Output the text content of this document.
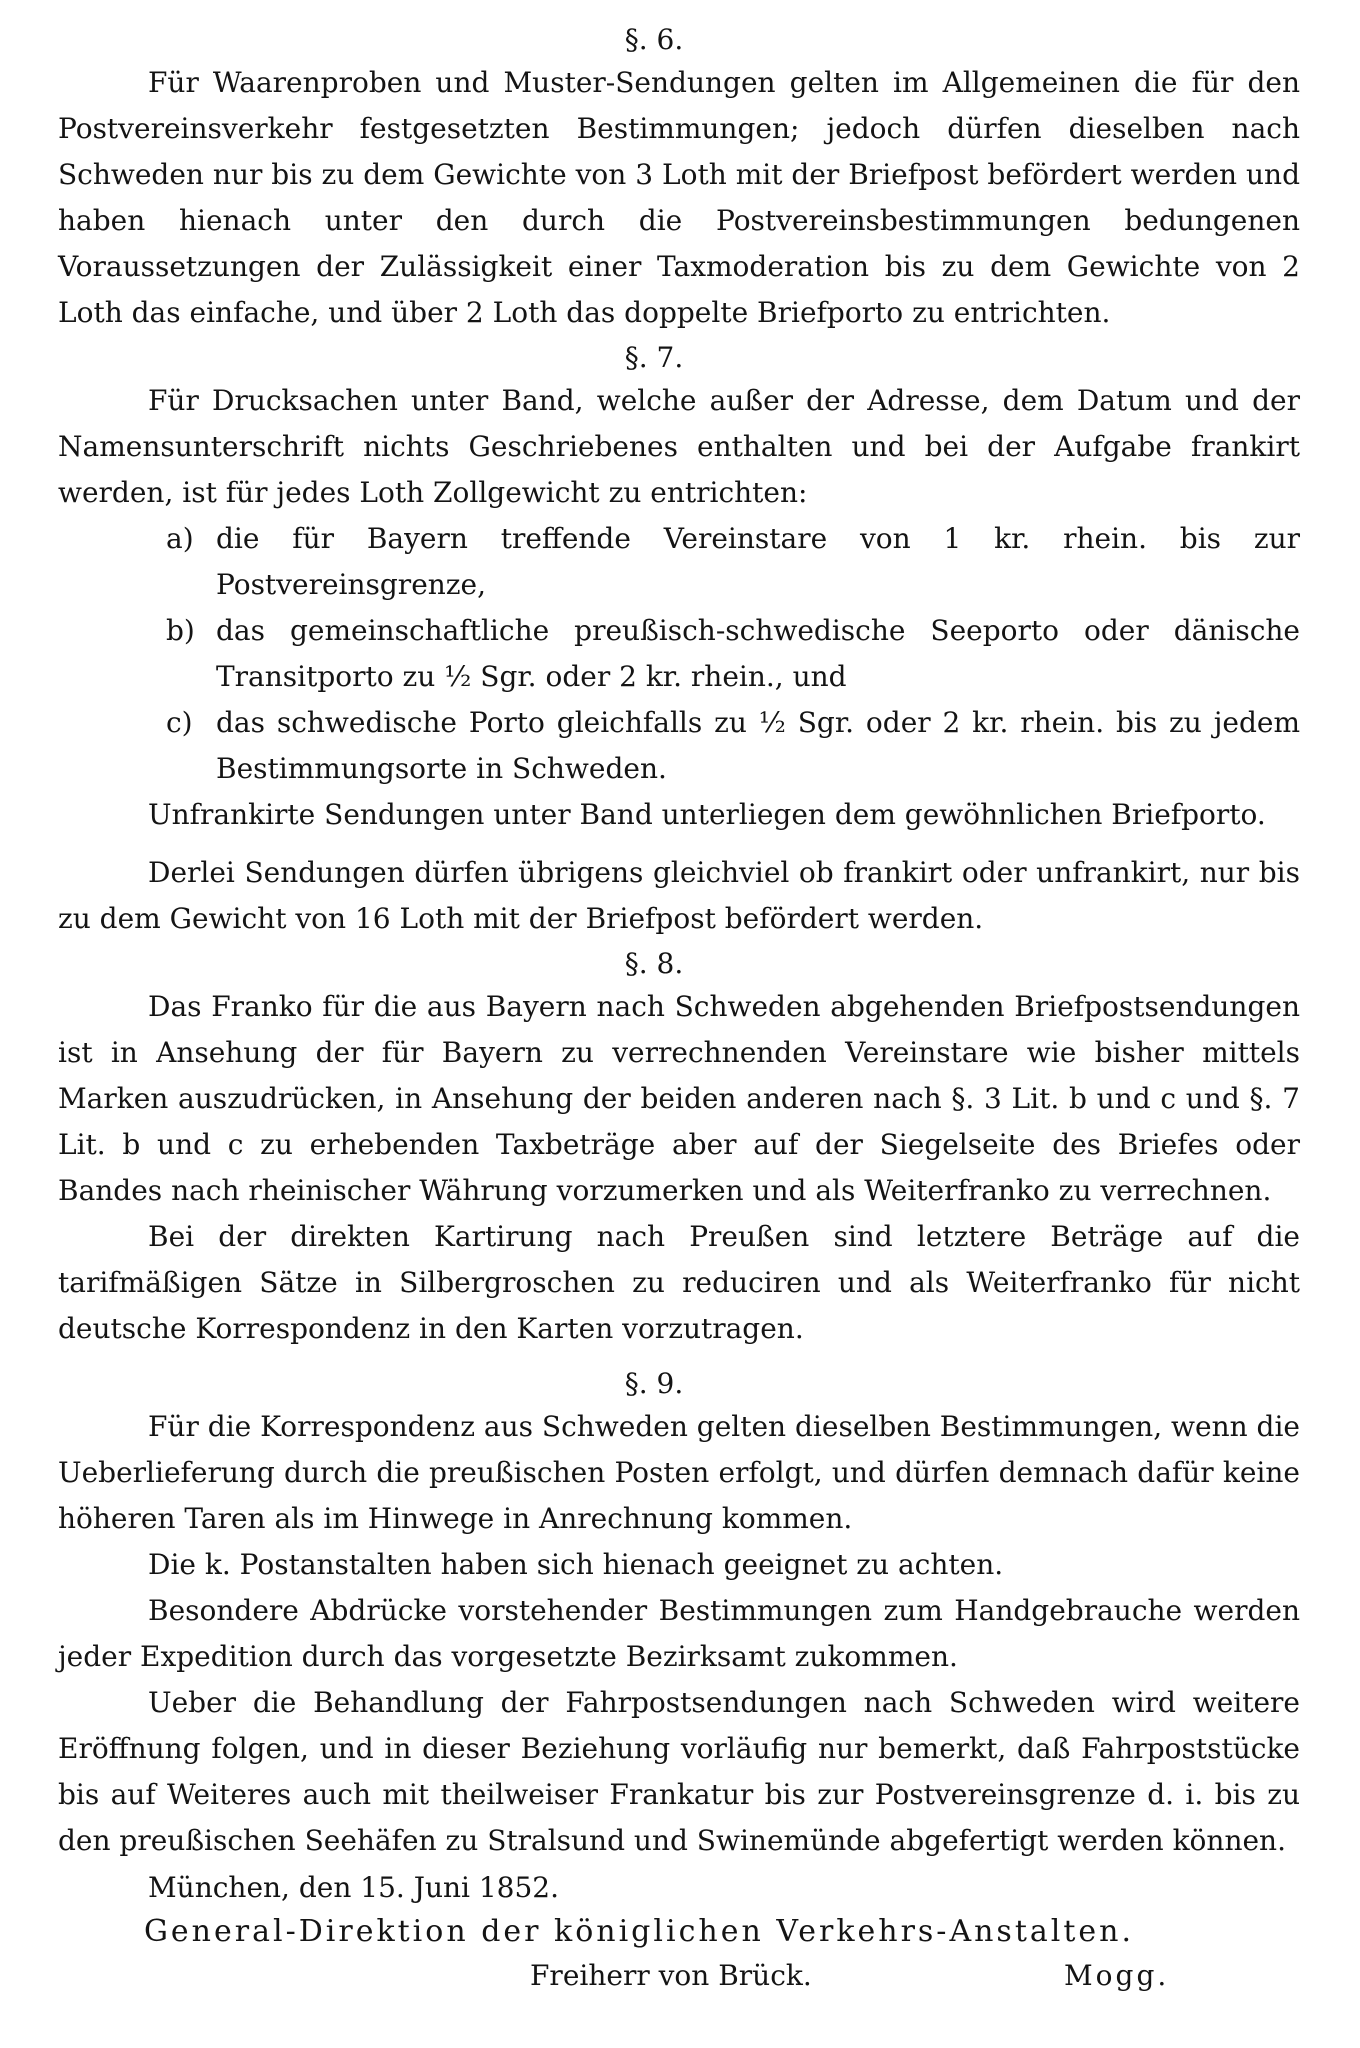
§. 6.

Für Waarenproben und Muster-Sendungen gelten im Allgemeinen die für den Postvereinsverkehr festgesetzten Bestimmungen; jedoch dürfen dieselben nach Schweden nur bis zu dem Gewichte von 3 Loth mit der Briefpost befördert werden und haben hienach unter den durch die Postvereinsbestimmungen bedungenen Voraussetzungen der Zulässigkeit einer Taxmoderation bis zu dem Gewichte von 2 Loth das einfache, und über 2 Loth das doppelte Briefporto zu entrichten.

§. 7.

Für Drucksachen unter Band, welche außer der Adresse, dem Datum und der Namensunterschrift nichts Geschriebenes enthalten und bei der Aufgabe frankirt werden, ist für jedes Loth Zollgewicht zu entrichten:

a) die für Bayern treffende Vereinstare von 1 kr. rhein. bis zur Postvereinsgrenze,
b) das gemeinschaftliche preußisch-schwedische Seeporto oder dänische Transitporto zu ½ Sgr. oder 2 kr. rhein., und
c) das schwedische Porto gleichfalls zu ½ Sgr. oder 2 kr. rhein. bis zu jedem Bestimmungsorte in Schweden.

Unfrankirte Sendungen unter Band unterliegen dem gewöhnlichen Briefporto.

Derlei Sendungen dürfen übrigens gleichviel ob frankirt oder unfrankirt, nur bis zu dem Gewicht von 16 Loth mit der Briefpost befördert werden.

§. 8.

Das Franko für die aus Bayern nach Schweden abgehenden Briefpostsendungen ist in Ansehung der für Bayern zu verrechnenden Vereinstare wie bisher mittels Marken auszudrücken, in Ansehung der beiden anderen nach §. 3 Lit. b und c und §. 7 Lit. b und c zu erhebenden Taxbeträge aber auf der Siegelseite des Briefes oder Bandes nach rheinischer Währung vorzumerken und als Weiterfranko zu verrechnen.

Bei der direkten Kartirung nach Preußen sind letztere Beträge auf die tarifmäßigen Sätze in Silbergroschen zu reduciren und als Weiterfranko für nicht deutsche Korrespondenz in den Karten vorzutragen.

§. 9.

Für die Korrespondenz aus Schweden gelten dieselben Bestimmungen, wenn die Ueberlieferung durch die preußischen Posten erfolgt, und dürfen demnach dafür keine höheren Taren als im Hinwege in Anrechnung kommen.

Die k. Postanstalten haben sich hienach geeignet zu achten.

Besondere Abdrücke vorstehender Bestimmungen zum Handgebrauche werden jeder Expedition durch das vorgesetzte Bezirksamt zukommen.

Ueber die Behandlung der Fahrpostsendungen nach Schweden wird weitere Eröffnung folgen, und in dieser Beziehung vorläufig nur bemerkt, daß Fahrpoststücke bis auf Weiteres auch mit theilweiser Frankatur bis zur Postvereinsgrenze d. i. bis zu den preußischen Seehäfen zu Stralsund und Swinemünde abgefertigt werden können.

München, den 15. Juni 1852.
General-Direktion der königlichen Verkehrs-Anstalten.
Freiherr von Brück.	Mogg.
